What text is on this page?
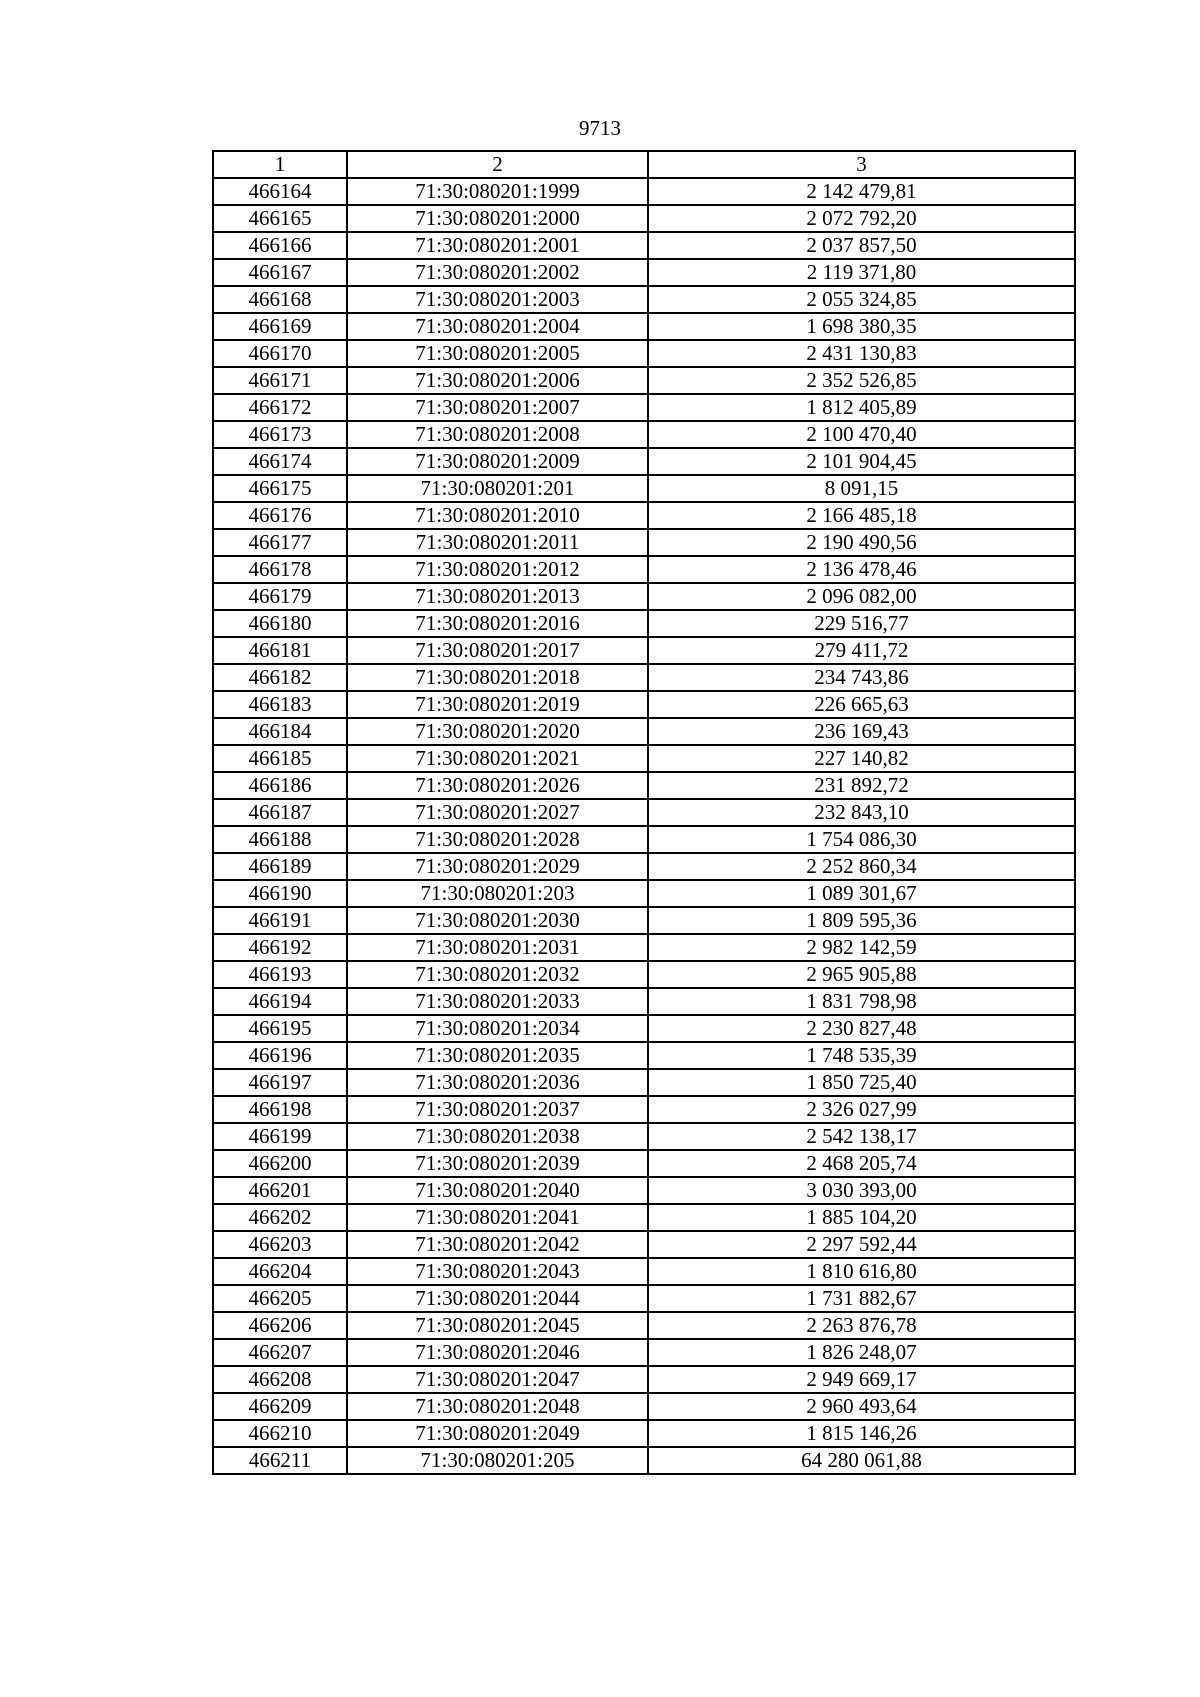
9713
1	2	3
466164	71:30:080201:1999	2 142 479,81
466165	71:30:080201:2000	2 072 792,20
466166	71:30:080201:2001	2 037 857,50
466167	71:30:080201:2002	2 119 371,80
466168	71:30:080201:2003	2 055 324,85
466169	71:30:080201:2004	1 698 380,35
466170	71:30:080201:2005	2 431 130,83
466171	71:30:080201:2006	2 352 526,85
466172	71:30:080201:2007	1 812 405,89
466173	71:30:080201:2008	2 100 470,40
466174	71:30:080201:2009	2 101 904,45
466175	71:30:080201:201	8 091,15
466176	71:30:080201:2010	2 166 485,18
466177	71:30:080201:2011	2 190 490,56
466178	71:30:080201:2012	2 136 478,46
466179	71:30:080201:2013	2 096 082,00
466180	71:30:080201:2016	229 516,77
466181	71:30:080201:2017	279 411,72
466182	71:30:080201:2018	234 743,86
466183	71:30:080201:2019	226 665,63
466184	71:30:080201:2020	236 169,43
466185	71:30:080201:2021	227 140,82
466186	71:30:080201:2026	231 892,72
466187	71:30:080201:2027	232 843,10
466188	71:30:080201:2028	1 754 086,30
466189	71:30:080201:2029	2 252 860,34
466190	71:30:080201:203	1 089 301,67
466191	71:30:080201:2030	1 809 595,36
466192	71:30:080201:2031	2 982 142,59
466193	71:30:080201:2032	2 965 905,88
466194	71:30:080201:2033	1 831 798,98
466195	71:30:080201:2034	2 230 827,48
466196	71:30:080201:2035	1 748 535,39
466197	71:30:080201:2036	1 850 725,40
466198	71:30:080201:2037	2 326 027,99
466199	71:30:080201:2038	2 542 138,17
466200	71:30:080201:2039	2 468 205,74
466201	71:30:080201:2040	3 030 393,00
466202	71:30:080201:2041	1 885 104,20
466203	71:30:080201:2042	2 297 592,44
466204	71:30:080201:2043	1 810 616,80
466205	71:30:080201:2044	1 731 882,67
466206	71:30:080201:2045	2 263 876,78
466207	71:30:080201:2046	1 826 248,07
466208	71:30:080201:2047	2 949 669,17
466209	71:30:080201:2048	2 960 493,64
466210	71:30:080201:2049	1 815 146,26
466211	71:30:080201:205	64 280 061,88
